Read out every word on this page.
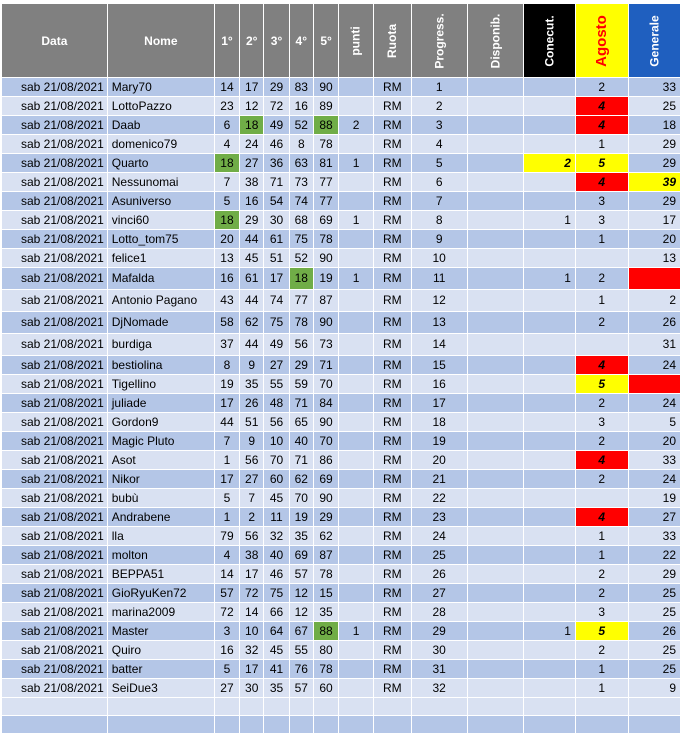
Data	Nome	1°	2°	3°	4°	5°	punti	Ruota	Progress.	Disponib.	Conecut.	Agosto	Generale
sab 21/08/2021	Mary70	14	17	29	83	90		RM	1			2	33
sab 21/08/2021	LottoPazzo	23	12	72	16	89		RM	2			4	25
sab 21/08/2021	Daab	6	18	49	52	88	2	RM	3			4	18
sab 21/08/2021	domenico79	4	24	46	8	78		RM	4			1	29
sab 21/08/2021	Quarto	18	27	36	63	81	1	RM	5		2	5	29
sab 21/08/2021	Nessunomai	7	38	71	73	77		RM	6			4	39
sab 21/08/2021	Asuniverso	5	16	54	74	77		RM	7			3	29
sab 21/08/2021	vinci60	18	29	30	68	69	1	RM	8		1	3	17
sab 21/08/2021	Lotto_tom75	20	44	61	75	78		RM	9			1	20
sab 21/08/2021	felice1	13	45	51	52	90		RM	10				13
sab 21/08/2021	Mafalda	16	61	17	18	19	1	RM	11		1	2	35
sab 21/08/2021	Antonio Pagano	43	44	74	77	87		RM	12			1	2
sab 21/08/2021	DjNomade	58	62	75	78	90		RM	13			2	26
sab 21/08/2021	burdiga	37	44	49	56	73		RM	14				31
sab 21/08/2021	bestiolina	8	9	27	29	71		RM	15			4	24
sab 21/08/2021	Tigellino	19	35	55	59	70		RM	16			5	35
sab 21/08/2021	juliade	17	26	48	71	84		RM	17			2	24
sab 21/08/2021	Gordon9	44	51	56	65	90		RM	18			3	5
sab 21/08/2021	Magic Pluto	7	9	10	40	70		RM	19			2	20
sab 21/08/2021	Asot	1	56	70	71	86		RM	20			4	33
sab 21/08/2021	Nikor	17	27	60	62	69		RM	21			2	24
sab 21/08/2021	bubù	5	7	45	70	90		RM	22				19
sab 21/08/2021	Andrabene	1	2	11	19	29		RM	23			4	27
sab 21/08/2021	lla	79	56	32	35	62		RM	24			1	33
sab 21/08/2021	molton	4	38	40	69	87		RM	25			1	22
sab 21/08/2021	BEPPA51	14	17	46	57	78		RM	26			2	29
sab 21/08/2021	GioRyuKen72	57	72	75	12	15		RM	27			2	25
sab 21/08/2021	marina2009	72	14	66	12	35		RM	28			3	25
sab 21/08/2021	Master	3	10	64	67	88	1	RM	29		1	5	26
sab 21/08/2021	Quiro	16	32	45	55	80		RM	30			2	25
sab 21/08/2021	batter	5	17	41	76	78		RM	31			1	25
sab 21/08/2021	SeiDue3	27	30	35	57	60		RM	32			1	9
